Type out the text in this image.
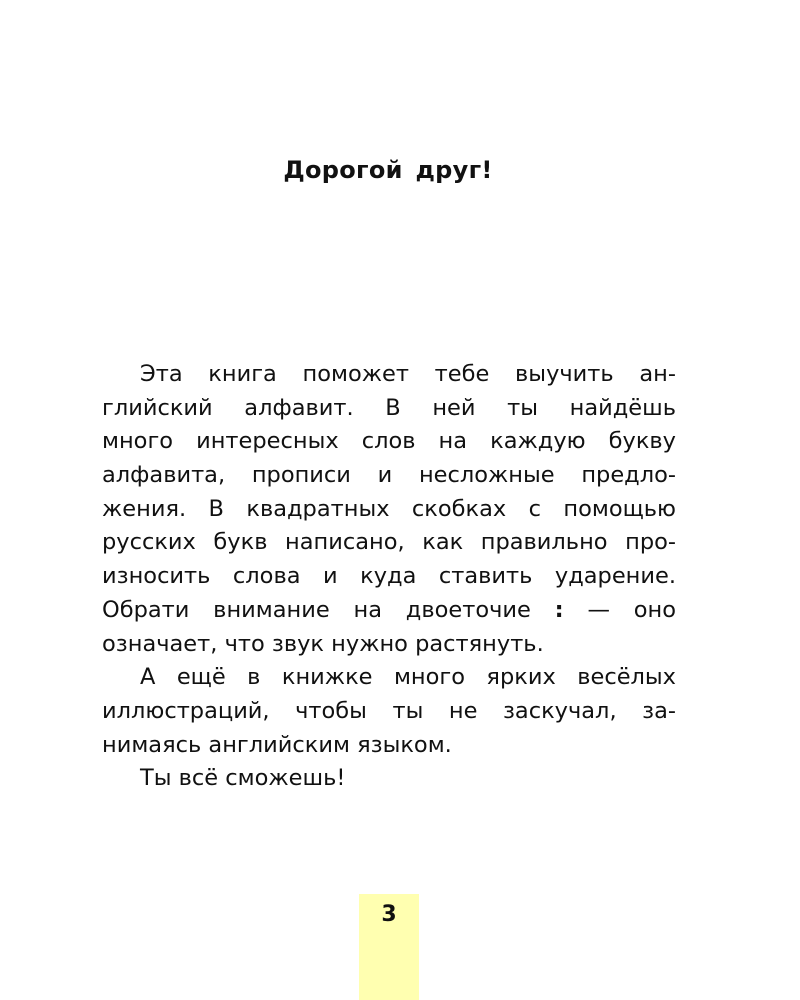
Дорогой друг!
Эта книга поможет тебе выучить ан-
глийский алфавит. В ней ты найдёшь
много интересных слов на каждую букву
алфавита, прописи и несложные предло-
жения. В квадратных скобках с помощью
русских букв написано, как правильно про-
износить слова и куда ставить ударение.
Обрати внимание на двоеточие : — оно
означает, что звук нужно растянуть.
А ещё в книжке много ярких весёлых
иллюстраций, чтобы ты не заскучал, за-
нимаясь английским языком.
Ты всё сможешь!
3
